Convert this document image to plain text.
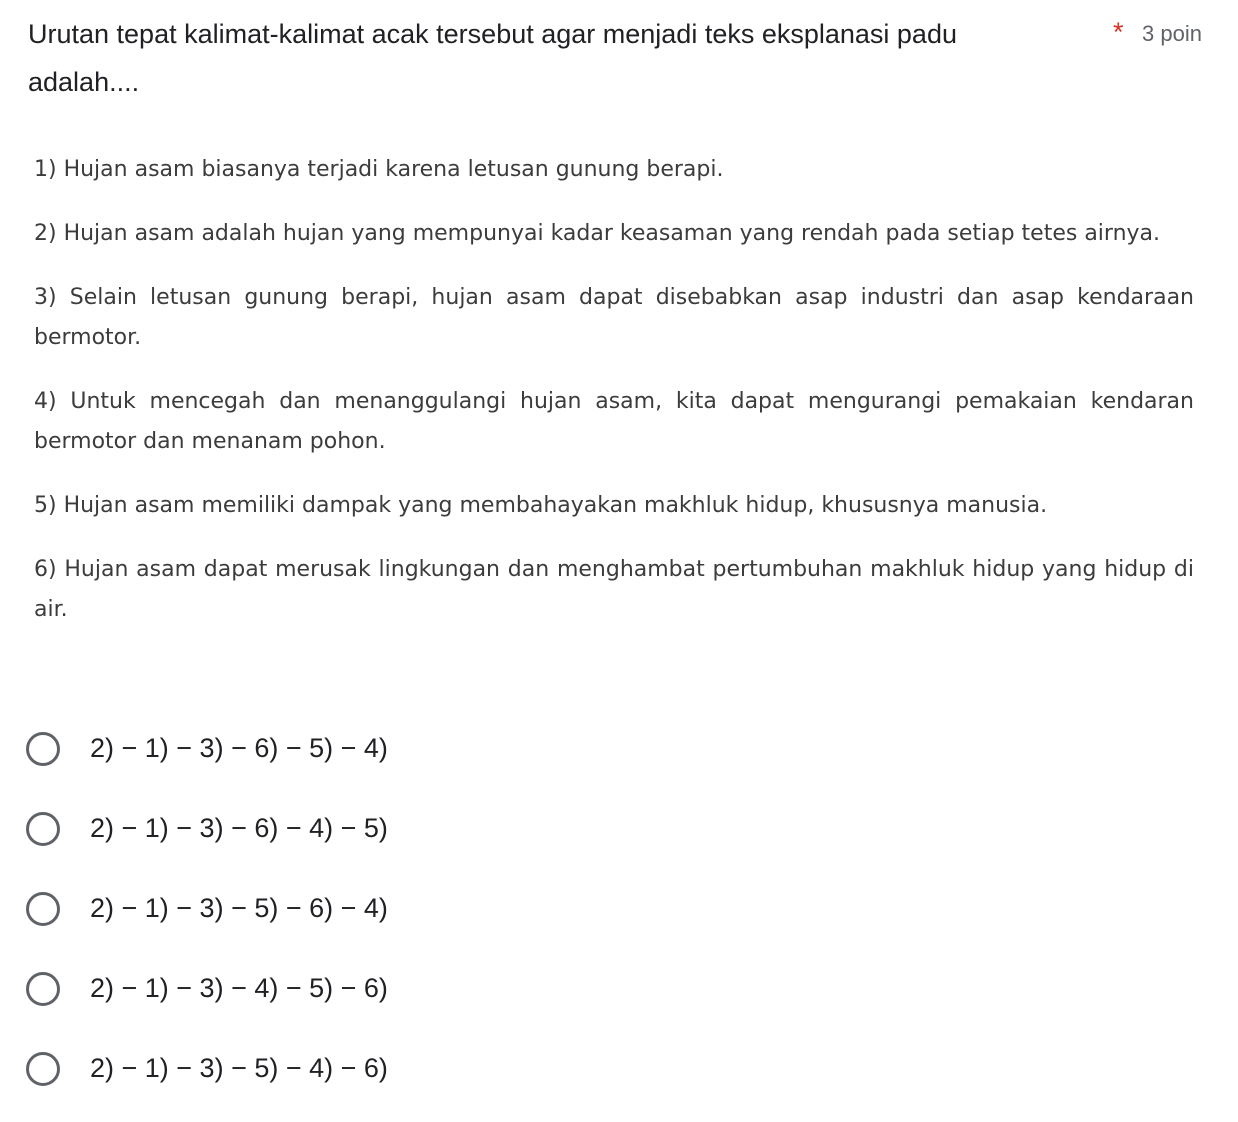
Urutan tepat kalimat-kalimat acak tersebut agar menjadi teks eksplanasi padu adalah....
* 3 poin

1) Hujan asam biasanya terjadi karena letusan gunung berapi.

2) Hujan asam adalah hujan yang mempunyai kadar keasaman yang rendah pada setiap tetes airnya.

3) Selain letusan gunung berapi, hujan asam dapat disebabkan asap industri dan asap kendaraan bermotor.

4) Untuk mencegah dan menanggulangi hujan asam, kita dapat mengurangi pemakaian kendaran bermotor dan menanam pohon.

5) Hujan asam memiliki dampak yang membahayakan makhluk hidup, khususnya manusia.

6) Hujan asam dapat merusak lingkungan dan menghambat pertumbuhan makhluk hidup yang hidup di air.

2) − 1) − 3) − 6) − 5) − 4)
2) − 1) − 3) − 6) − 4) − 5)
2) − 1) − 3) − 5) − 6) − 4)
2) − 1) − 3) − 4) − 5) − 6)
2) − 1) − 3) − 5) − 4) − 6)
